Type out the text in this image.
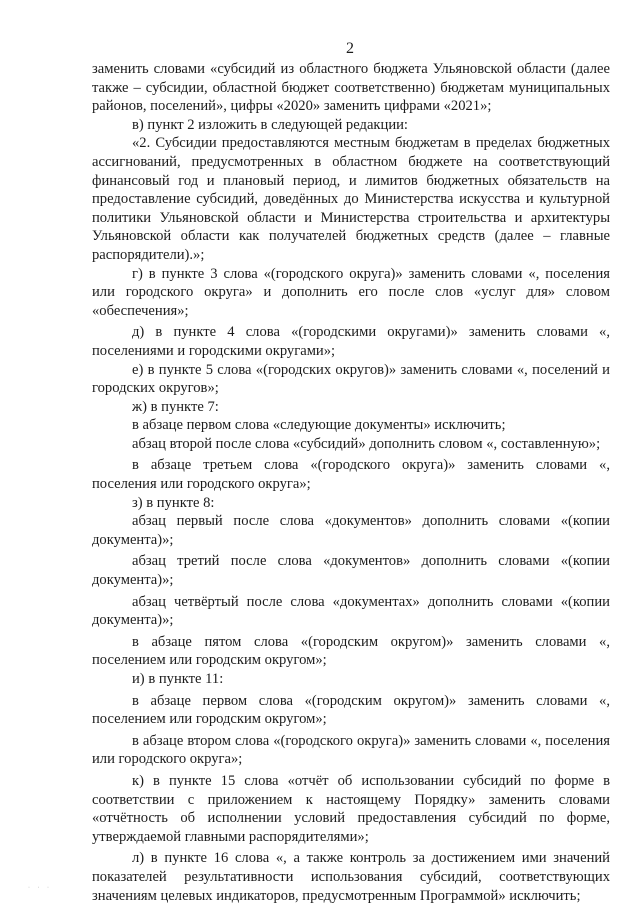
2

заменить словами «субсидий из областного бюджета Ульяновской области (далее также – субсидии, областной бюджет соответственно) бюджетам муниципальных районов, поселений», цифры «2020» заменить цифрами «2021»;

в) пункт 2 изложить в следующей редакции:

«2. Субсидии предоставляются местным бюджетам в пределах бюджетных ассигнований, предусмотренных в областном бюджете на соответствующий финансовый год и плановый период, и лимитов бюджетных обязательств на предоставление субсидий, доведённых до Министерства искусства и культурной политики Ульяновской области и Министерства строительства и архитектуры Ульяновской области как получателей бюджетных средств (далее – главные распорядители).»;

г) в пункте 3 слова «(городского округа)» заменить словами «, поселения или городского округа» и дополнить его после слов «услуг для» словом «обеспечения»;

д) в пункте 4 слова «(городскими округами)» заменить словами «, поселениями и городскими округами»;

е) в пункте 5 слова «(городских округов)» заменить словами «, поселений и городских округов»;

ж) в пункте 7:

в абзаце первом слова «следующие документы» исключить;

абзац второй после слова «субсидий» дополнить словом «, составленную»;

в абзаце третьем слова «(городского округа)» заменить словами «, поселения или городского округа»;

з) в пункте 8:

абзац первый после слова «документов» дополнить словами «(копии документа)»;

абзац третий после слова «документов» дополнить словами «(копии документа)»;

абзац четвёртый после слова «документах» дополнить словами «(копии документа)»;

в абзаце пятом слова «(городским округом)» заменить словами «, поселением или городским округом»;

и) в пункте 11:

в абзаце первом слова «(городским округом)» заменить словами «, поселением или городским округом»;

в абзаце втором слова «(городского округа)» заменить словами «, поселения или городского округа»;

к) в пункте 15 слова «отчёт об использовании субсидий по форме в соответствии с приложением к настоящему Порядку» заменить словами «отчётность об исполнении условий предоставления субсидий по форме, утверждаемой главными распорядителями»;

л) в пункте 16 слова «, а также контроль за достижением ими значений показателей результативности использования субсидий, соответствующих значениям целевых индикаторов, предусмотренным Программой» исключить;

· · ·
